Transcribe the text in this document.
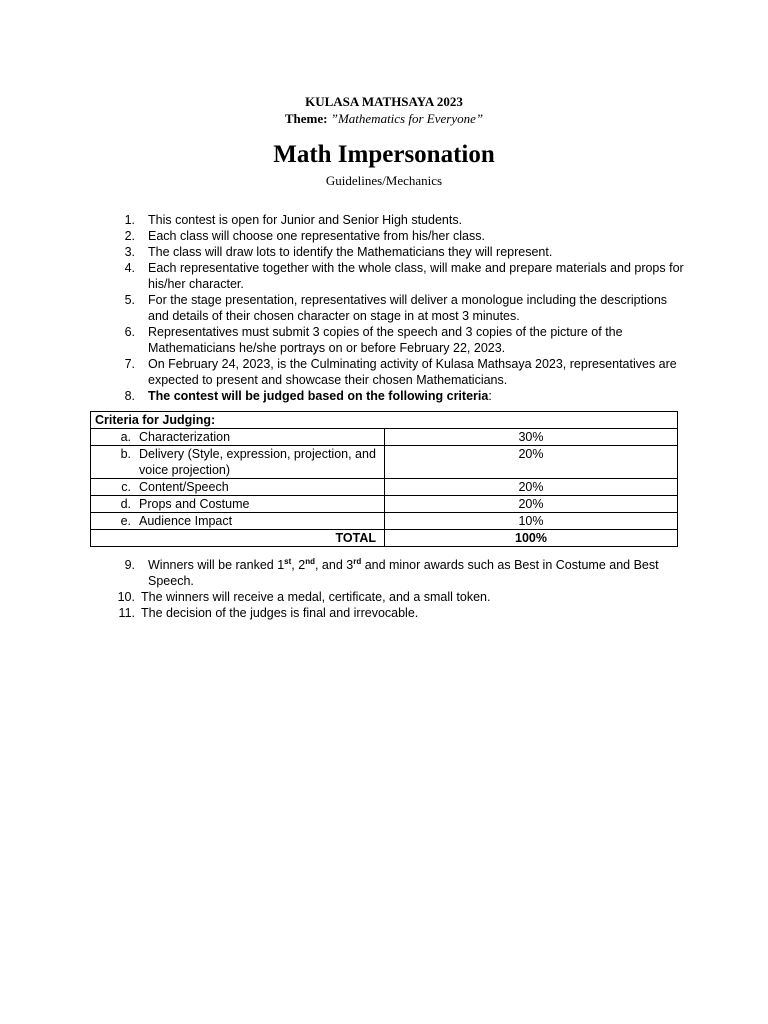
KULASA MATHSAYA 2023
Theme: ”Mathematics for Everyone”
Math Impersonation
Guidelines/Mechanics
1.	This contest is open for Junior and Senior High students.
2.	Each class will choose one representative from his/her class.
3.	The class will draw lots to identify the Mathematicians they will represent.
4.	Each representative together with the whole class, will make and prepare materials and props for his/her character.
5.	For the stage presentation, representatives will deliver a monologue including the descriptions and details of their chosen character on stage in at most 3 minutes.
6.	Representatives must submit 3 copies of the speech and 3 copies of the picture of the Mathematicians he/she portrays on or before February 22, 2023.
7.	On February 24, 2023, is the Culminating activity of Kulasa Mathsaya 2023, representatives are expected to present and showcase their chosen Mathematicians.
8.	The contest will be judged based on the following criteria:
Criteria for Judging:	

a. Characterization	30%

b. Delivery (Style, expression, projection, and voice projection)	20%

c. Content/Speech	20%

d. Props and Costume	20%

e. Audience Impact	10%
TOTAL	100%
9.	Winners will be ranked 1st, 2nd, and 3rd and minor awards such as Best in Costume and Best Speech.
10. The winners will receive a medal, certificate, and a small token.
11. The decision of the judges is final and irrevocable.
